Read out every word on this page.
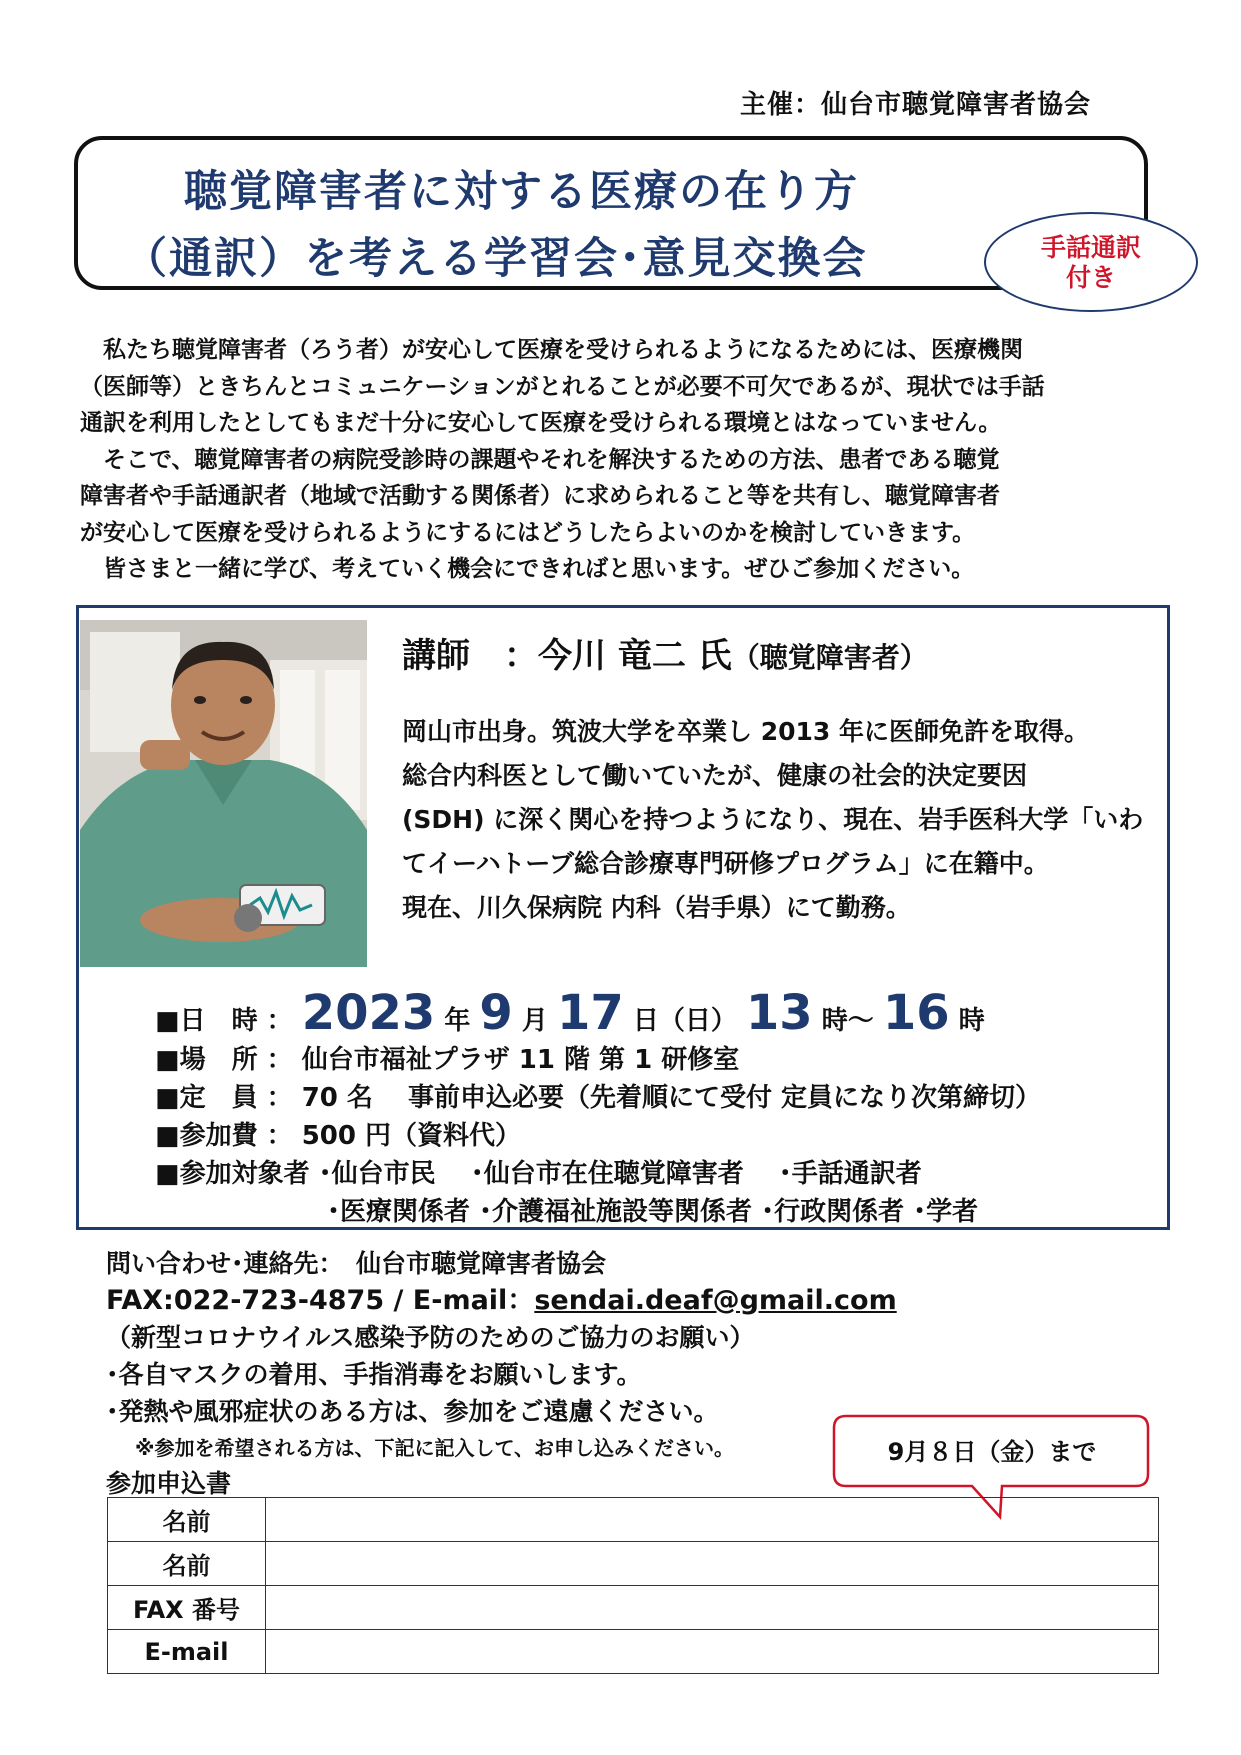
主催：仙台市聴覚障害者協会
聴覚障害者に対する医療の在り方
（通訳）を考える学習会･意見交換会	手話通訳
付き

　私たち聴覚障害者（ろう者）が安心して医療を受けられるようになるためには、医療機関

（医師等）ときちんとコミュニケーションがとれることが必要不可欠であるが、現状では手話

通訳を利用したとしてもまだ十分に安心して医療を受けられる環境とはなっていません。

　そこで、聴覚障害者の病院受診時の課題やそれを解決するための方法、患者である聴覚

障害者や手話通訳者（地域で活動する関係者）に求められること等を共有し、聴覚障害者

が安心して医療を受けられるようにするにはどうしたらよいのかを検討していきます。

　皆さまと一緒に学び、考えていく機会にできればと思います。ぜひご参加ください。

講師　：今川 竜二 氏（聴覚障害者）

岡山市出身。筑波大学を卒業し 2013 年に医師免許を取得。

総合内科医として働いていたが、健康の社会的決定要因

(SDH) に深く関心を持つようになり、現在、岩手医科大学「いわ

てイーハトーブ総合診療専門研修プログラム」に在籍中。

現在、川久保病院 内科（岩手県）にて勤務。

■日　時 ： 2023 年 9 月 17 日（日） 13 時～ 16 時
■場　所 ： 仙台市福祉プラザ 11 階 第 1 研修室
■定　員 ： 70 名　 事前申込必要（先着順にて受付 定員になり次第締切）
■参加費 ： 500 円（資料代）
■参加対象者 ･仙台市民　 ･仙台市在住聴覚障害者　 ･手話通訳者
･医療関係者 ･介護福祉施設等関係者 ･行政関係者 ･学者

問い合わせ･連絡先：　仙台市聴覚障害者協会

FAX:022-723-4875 / E-mail：sendai.deaf@gmail.com

（新型コロナウイルス感染予防のためのご協力のお願い）

･各自マスクの着用、手指消毒をお願いします。

･発熱や風邪症状のある方は、参加をご遠慮ください。

※参加を希望される方は、下記に記入して、お申し込みください。	9月８日（金）まで
参加申込書
名前	
名前	
FAX 番号	
E-mail	
